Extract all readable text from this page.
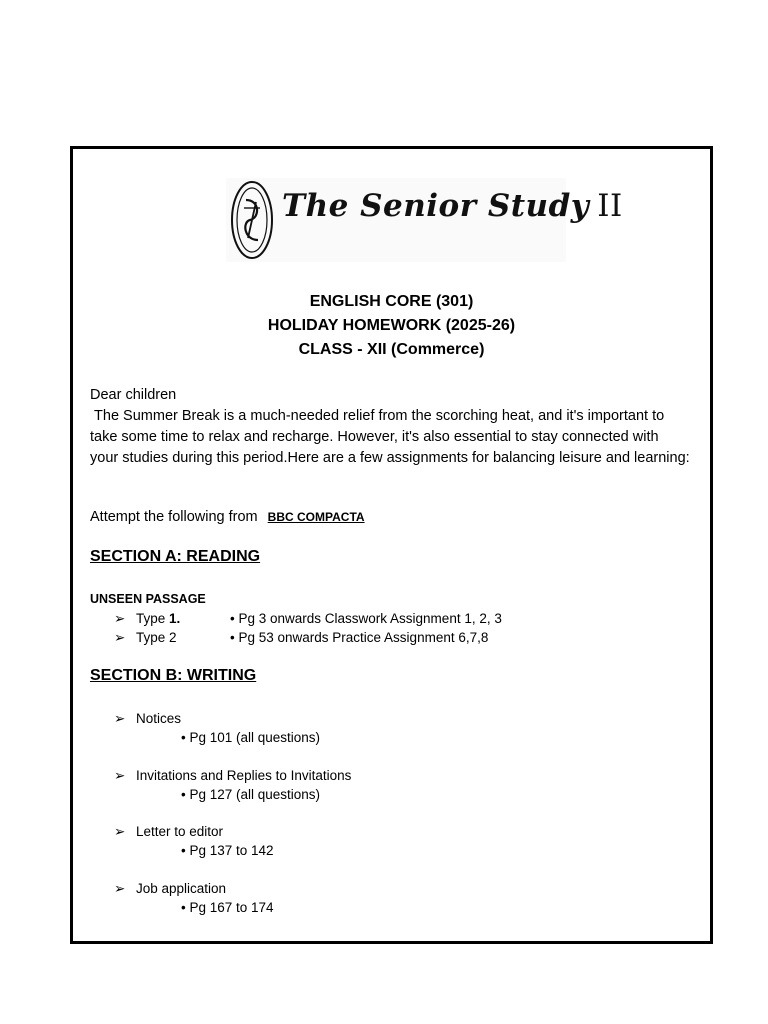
The Senior Study II
ENGLISH CORE (301)
HOLIDAY HOMEWORK (2025-26)
CLASS - XII (Commerce)
Dear children
The Summer Break is a much-needed relief from the scorching heat, and it's important to take some time to relax and recharge. However, it's also essential to stay connected with your studies during this period.Here are a few assignments for balancing leisure and learning:
Attempt the following from BBC COMPACTA
SECTION A: READING
UNSEEN PASSAGE
➢ Type 1.	• Pg 3 onwards Classwork Assignment 1, 2, 3
➢ Type 2	• Pg 53 onwards Practice Assignment 6,7,8
SECTION B: WRITING
➢ Notices
• Pg 101 (all questions)
➢ Invitations and Replies to Invitations
• Pg 127 (all questions)
➢ Letter to editor
• Pg 137 to 142
➢ Job application
• Pg 167 to 174
